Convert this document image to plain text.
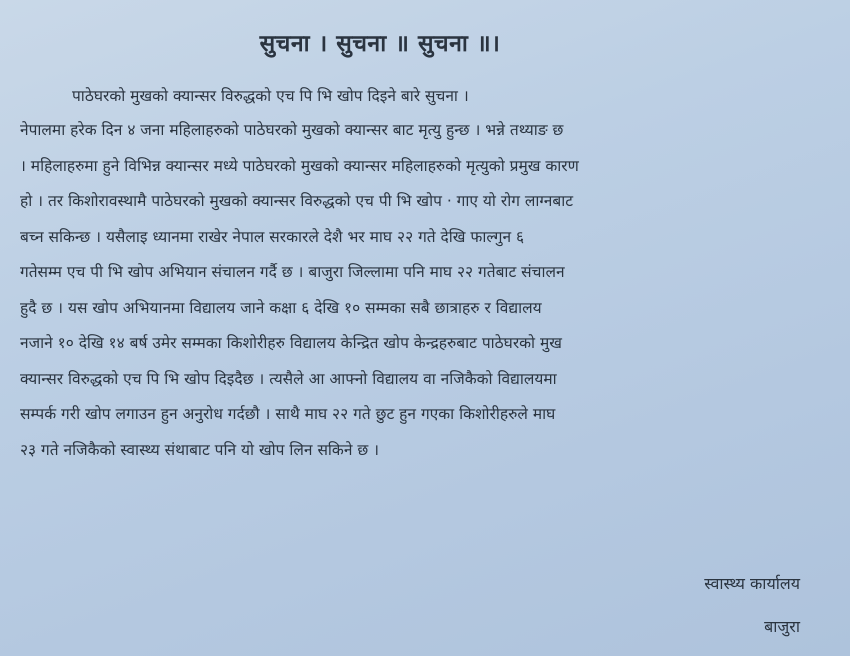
सुचना । सुचना ॥ सुचना ॥।
पाठेघरको मुखको क्यान्सर विरुद्धको एच पि भि खोप दिइने बारे सुचना ।
नेपालमा हरेक दिन ४ जना महिलाहरुको पाठेघरको मुखको क्यान्सर बाट मृत्यु हुन्छ । भन्ने तथ्याङ छ
। महिलाहरुमा हुने विभिन्न क्यान्सर मध्ये पाठेघरको मुखको क्यान्सर महिलाहरुको मृत्युको प्रमुख कारण
हो । तर किशोरावस्थामै पाठेघरको मुखको क्यान्सर विरुद्धको एच पी भि खोप · गाए यो रोग लाग्नबाट
बच्न सकिन्छ । यसैलाइ ध्यानमा राखेर नेपाल सरकारले देशै भर माघ २२ गते देखि फाल्गुन ६
गतेसम्म एच पी भि खोप अभियान संचालन गर्दै छ । बाजुरा जिल्लामा पनि माघ २२ गतेबाट संचालन
हुदै छ । यस खोप अभियानमा विद्यालय जाने कक्षा ६ देखि १० सम्मका सबै छात्राहरु र विद्यालय
नजाने १० देखि १४ बर्ष उमेर सम्मका किशोरीहरु विद्यालय केन्द्रित खोप केन्द्रहरुबाट पाठेघरको मुख
क्यान्सर विरुद्धको एच पि भि खोप दिइदैछ । त्यसैले आ आफ्नो विद्यालय वा नजिकैको विद्यालयमा
सम्पर्क गरी खोप लगाउन हुन अनुरोध गर्दछौ । साथै माघ २२ गते छुट हुन गएका किशोरीहरुले माघ
२३ गते नजिकैको स्वास्थ्य संथाबाट पनि यो खोप लिन सकिने छ ।
स्वास्थ्य कार्यालय
बाजुरा
